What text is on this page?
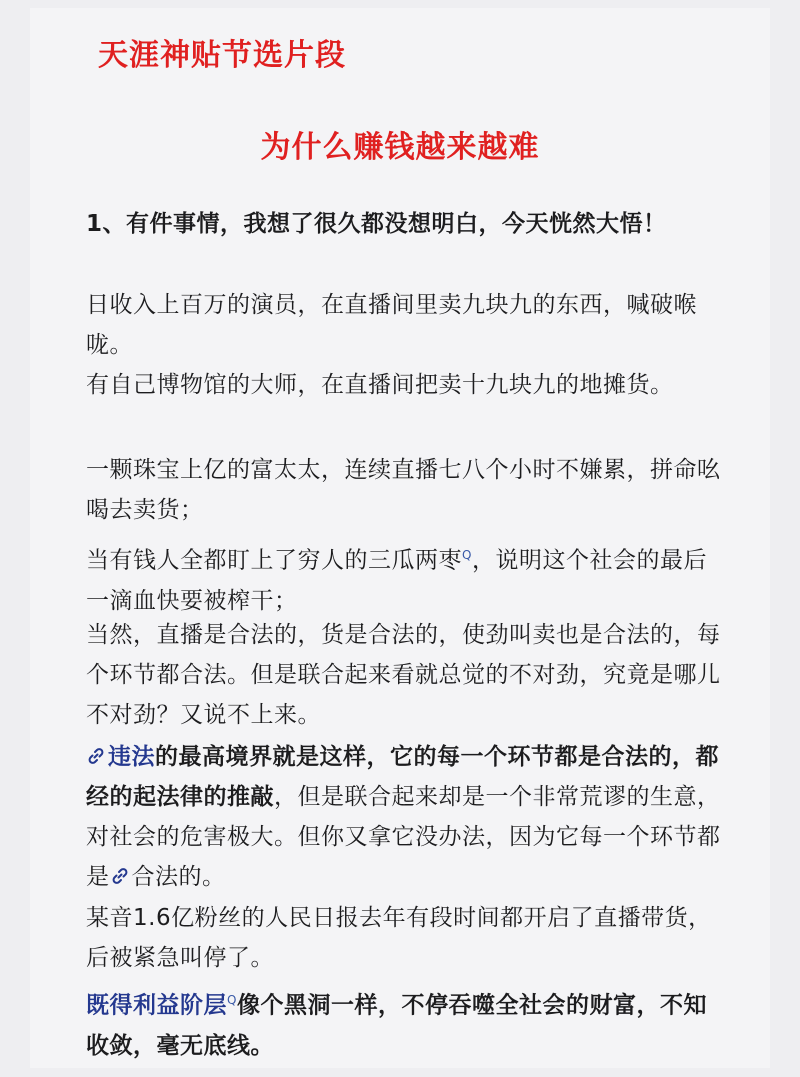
天涯神贴节选片段
为什么赚钱越来越难
1、有件事情，我想了很久都没想明白，今天恍然大悟！
日收入上百万的演员，在直播间里卖九块九的东西，喊破喉咙。
有自己博物馆的大师，在直播间把卖十九块九的地摊货。
一颗珠宝上亿的富太太，连续直播七八个小时不嫌累，拼命吆喝去卖货；
当有钱人全都盯上了穷人的三瓜两枣$^Q$，说明这个社会的最后一滴血快要被榨干；
当然，直播是合法的，货是合法的，使劲叫卖也是合法的，每个环节都合法。但是联合起来看就总觉的不对劲，究竟是哪儿不对劲？又说不上来。
违法的最高境界就是这样，它的每一个环节都是合法的，都经的起法律的推敲，但是联合起来却是一个非常荒谬的生意，对社会的危害极大。但你又拿它没办法，因为它每一个环节都是 合法的。
某音1.6亿粉丝的人民日报去年有段时间都开启了直播带货，后被紧急叫停了。
既得利益阶层$^Q$像个黑洞一样，不停吞噬全社会的财富，不知收敛，毫无底线。
